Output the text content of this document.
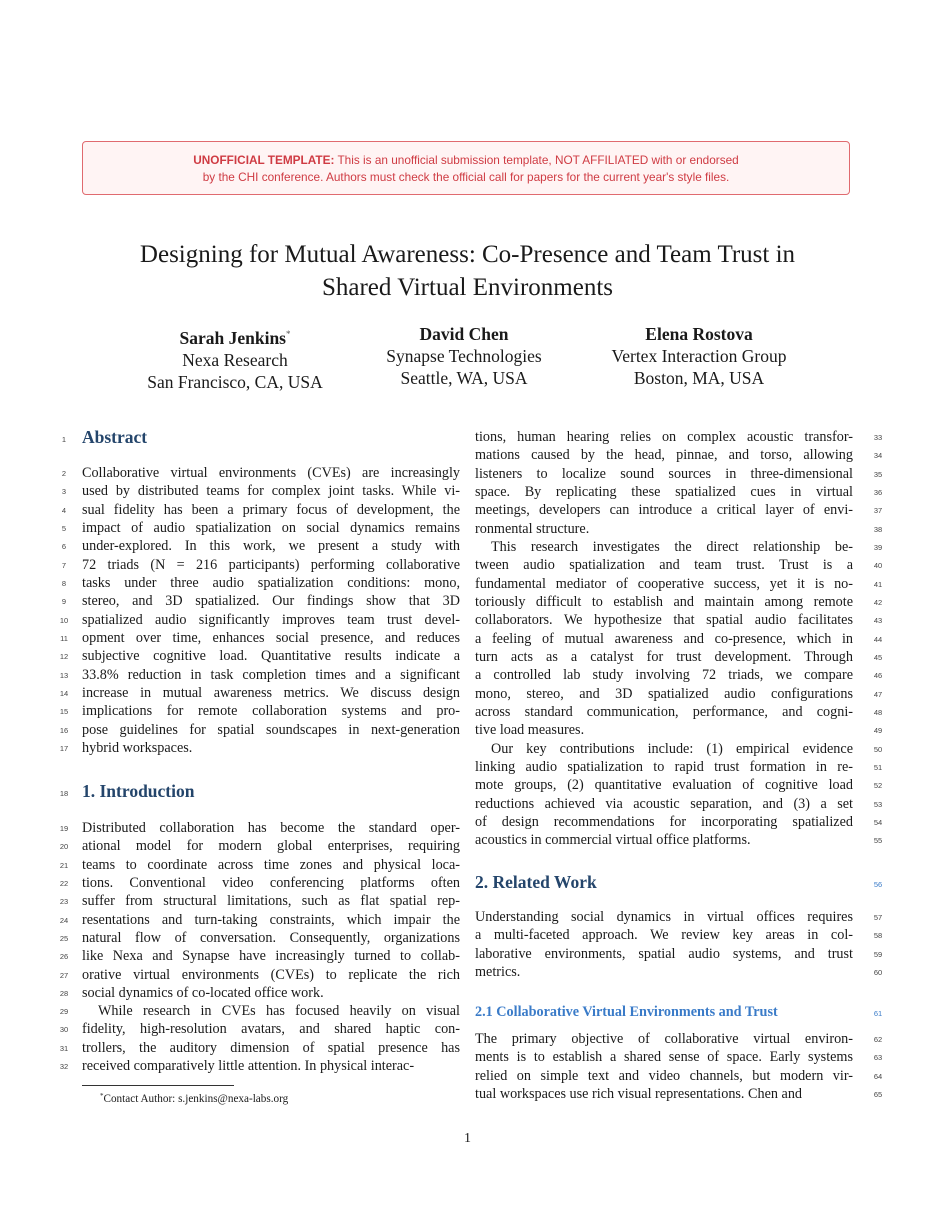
UNOFFICIAL TEMPLATE: This is an unofficial submission template, NOT AFFILIATED with or endorsed
by the CHI conference. Authors must check the official call for papers for the current year's style files.
Designing for Mutual Awareness: Co-Presence and Team Trust in
Shared Virtual Environments
Sarah Jenkins*
Nexa Research
San Francisco, CA, USA
David Chen
Synapse Technologies
Seattle, WA, USA
Elena Rostova
Vertex Interaction Group
Boston, MA, USA
Abstract
1
Collaborative virtual environments (CVEs) are increasingly
2
used by distributed teams for complex joint tasks. While vi-
3
sual fidelity has been a primary focus of development, the
4
impact of audio spatialization on social dynamics remains
5
under-explored. In this work, we present a study with
6
72 triads (N = 216 participants) performing collaborative
7
tasks under three audio spatialization conditions: mono,
8
stereo, and 3D spatialized. Our findings show that 3D
9
spatialized audio significantly improves team trust devel-
10
opment over time, enhances social presence, and reduces
11
subjective cognitive load. Quantitative results indicate a
12
33.8% reduction in task completion times and a significant
13
increase in mutual awareness metrics. We discuss design
14
implications for remote collaboration systems and pro-
15
pose guidelines for spatial soundscapes in next-generation
16
hybrid workspaces.
17
1. Introduction
18
Distributed collaboration has become the standard oper-
19
ational model for modern global enterprises, requiring
20
teams to coordinate across time zones and physical loca-
21
tions. Conventional video conferencing platforms often
22
suffer from structural limitations, such as flat spatial rep-
23
resentations and turn-taking constraints, which impair the
24
natural flow of conversation. Consequently, organizations
25
like Nexa and Synapse have increasingly turned to collab-
26
orative virtual environments (CVEs) to replicate the rich
27
social dynamics of co-located office work.
28
While research in CVEs has focused heavily on visual
29
fidelity, high-resolution avatars, and shared haptic con-
30
trollers, the auditory dimension of spatial presence has
31
received comparatively little attention. In physical interac-
32
tions, human hearing relies on complex acoustic transfor-	33
mations caused by the head, pinnae, and torso, allowing	34
listeners to localize sound sources in three-dimensional	35
space. By replicating these spatialized cues in virtual	36
meetings, developers can introduce a critical layer of envi-	37
ronmental structure.	38
This research investigates the direct relationship be-	39
tween audio spatialization and team trust. Trust is a	40
fundamental mediator of cooperative success, yet it is no-	41
toriously difficult to establish and maintain among remote	42
collaborators. We hypothesize that spatial audio facilitates	43
a feeling of mutual awareness and co-presence, which in	44
turn acts as a catalyst for trust development. Through	45
a controlled lab study involving 72 triads, we compare	46
mono, stereo, and 3D spatialized audio configurations	47
across standard communication, performance, and cogni-	48
tive load measures.	49
Our key contributions include: (1) empirical evidence	50
linking audio spatialization to rapid trust formation in re-	51
mote groups, (2) quantitative evaluation of cognitive load	52
reductions achieved via acoustic separation, and (3) a set	53
of design recommendations for incorporating spatialized	54
acoustics in commercial virtual office platforms.	55
2. Related Work	56
Understanding social dynamics in virtual offices requires	57
a multi-faceted approach. We review key areas in col-	58
laborative environments, spatial audio systems, and trust	59
metrics.	60
2.1 Collaborative Virtual Environments and Trust	61
The primary objective of collaborative virtual environ-	62
ments is to establish a shared sense of space. Early systems	63
relied on simple text and video channels, but modern vir-	64
tual workspaces use rich visual representations. Chen and	65
*Contact Author: s.jenkins@nexa-labs.org
1
